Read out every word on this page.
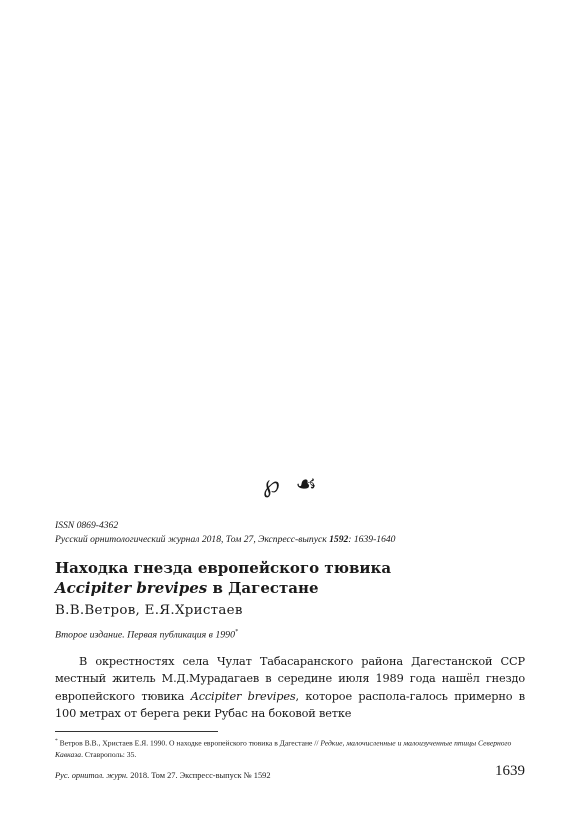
℘ ☙
ISSN 0869-4362
Русский орнитологический журнал 2018, Том 27, Экспресс-выпуск 1592: 1639-1640
Находка гнезда европейского тювика
Accipiter brevipes в Дагестане
В.В.Ветров, Е.Я.Христаев
Второе издание. Первая публикация в 1990*
В окрестностях села Чулат Табасаранского района Дагестанской ССР местный житель М.Д.Мурадагаев в середине июля 1989 года нашёл гнездо европейского тювика Accipiter brevipes, которое распола-галось примерно в 100 метрах от берега реки Рубас на боковой ветке
* Ветров В.В., Христаев Е.Я. 1990. О находке европейского тювика в Дагестане // Редкие, малочисленные и малоизученные птицы Северного Кавказа. Ставрополь: 35.
Рус. орнитол. журн. 2018. Том 27. Экспресс-выпуск № 1592	1639
